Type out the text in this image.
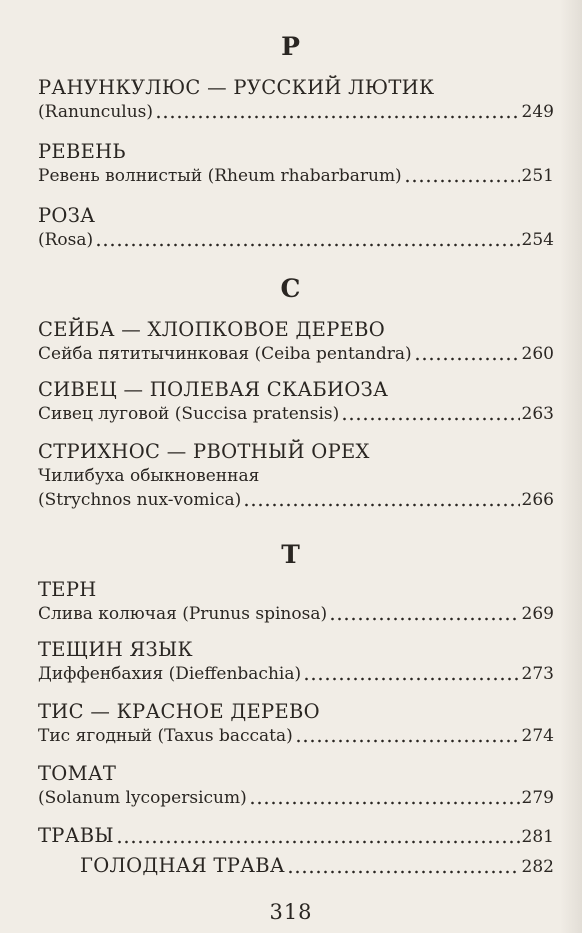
Р
РАНУНКУЛЮС — РУССКИЙ ЛЮТИК
(Ranunculus)	249
РЕВЕНЬ
Ревень волнистый (Rheum rhabarbarum)	251
РОЗА
(Rosa)	254
С
СЕЙБА — ХЛОПКОВОЕ ДЕРЕВО
Сейба пятитычинковая (Ceiba pentandra)	260
СИВЕЦ — ПОЛЕВАЯ СКАБИОЗА
Сивец луговой (Succisa pratensis)	263
СТРИХНОС — РВОТНЫЙ ОРЕХ
Чилибуха обыкновенная
(Strychnos nux-vomica)	266
Т
ТЕРН
Слива колючая (Prunus spinosa)	269
ТЕЩИН ЯЗЫК
Диффенбахия (Dieffenbachia)	273
ТИС — КРАСНОЕ ДЕРЕВО
Тис ягодный (Taxus baccata)	274
ТОМАТ
(Solanum lycopersicum)	279
ТРАВЫ	281
ГОЛОДНАЯ ТРАВА	282
318
